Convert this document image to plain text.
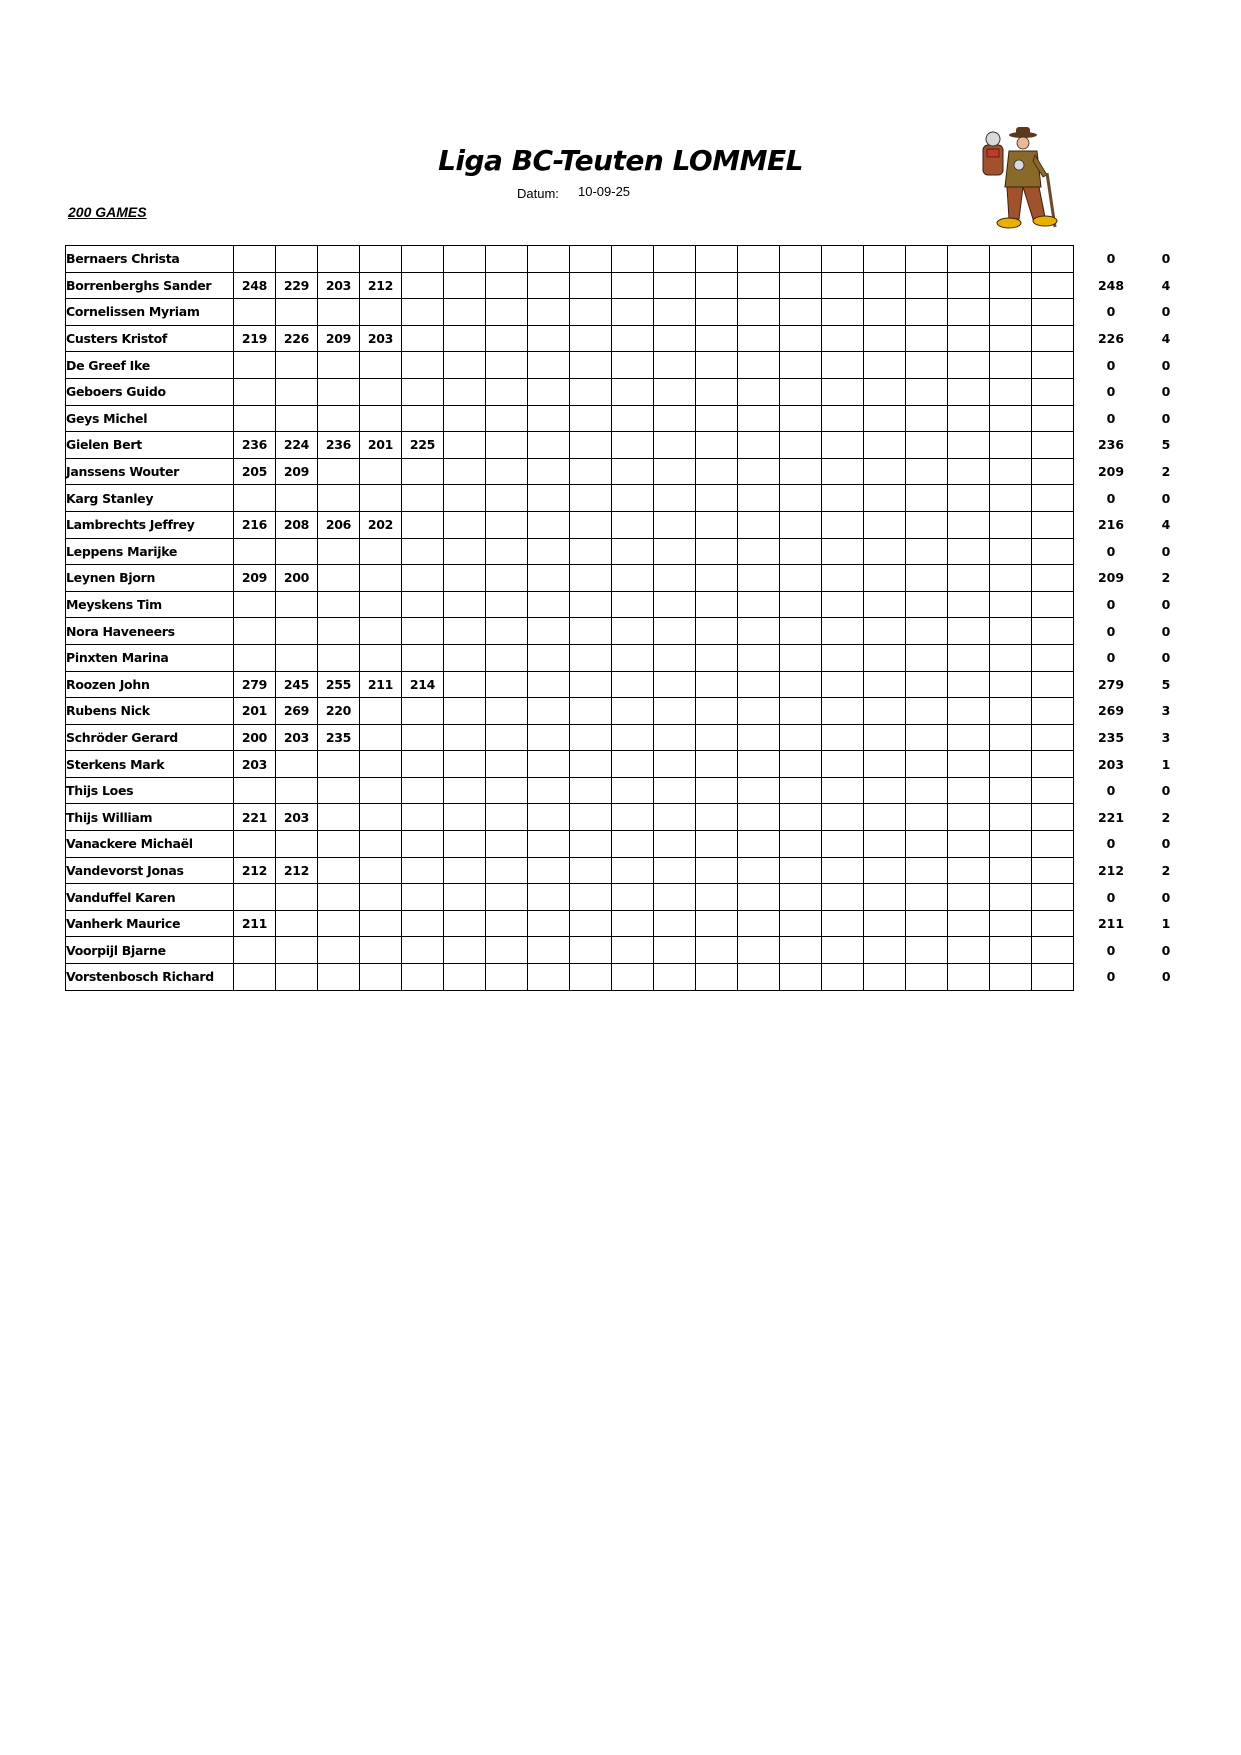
Liga BC-Teuten LOMMEL
Datum: 10-09-25
200 GAMES
Bernaers Christa																					0	0
Borrenberghs Sander	248	229	203	212																	248	4
Cornelissen Myriam																					0	0
Custers Kristof	219	226	209	203																	226	4
De Greef Ike																					0	0
Geboers Guido																					0	0
Geys Michel																					0	0
Gielen Bert	236	224	236	201	225																236	5
Janssens Wouter	205	209																			209	2
Karg Stanley																					0	0
Lambrechts Jeffrey	216	208	206	202																	216	4
Leppens Marijke																					0	0
Leynen Bjorn	209	200																			209	2
Meyskens Tim																					0	0
Nora Haveneers																					0	0
Pinxten Marina																					0	0
Roozen John	279	245	255	211	214																279	5
Rubens Nick	201	269	220																		269	3
Schröder Gerard	200	203	235																		235	3
Sterkens Mark	203																				203	1
Thijs Loes																					0	0
Thijs William	221	203																			221	2
Vanackere Michaël																					0	0
Vandevorst Jonas	212	212																			212	2
Vanduffel Karen																					0	0
Vanherk Maurice	211																				211	1
Voorpijl Bjarne																					0	0
Vorstenbosch Richard																					0	0
